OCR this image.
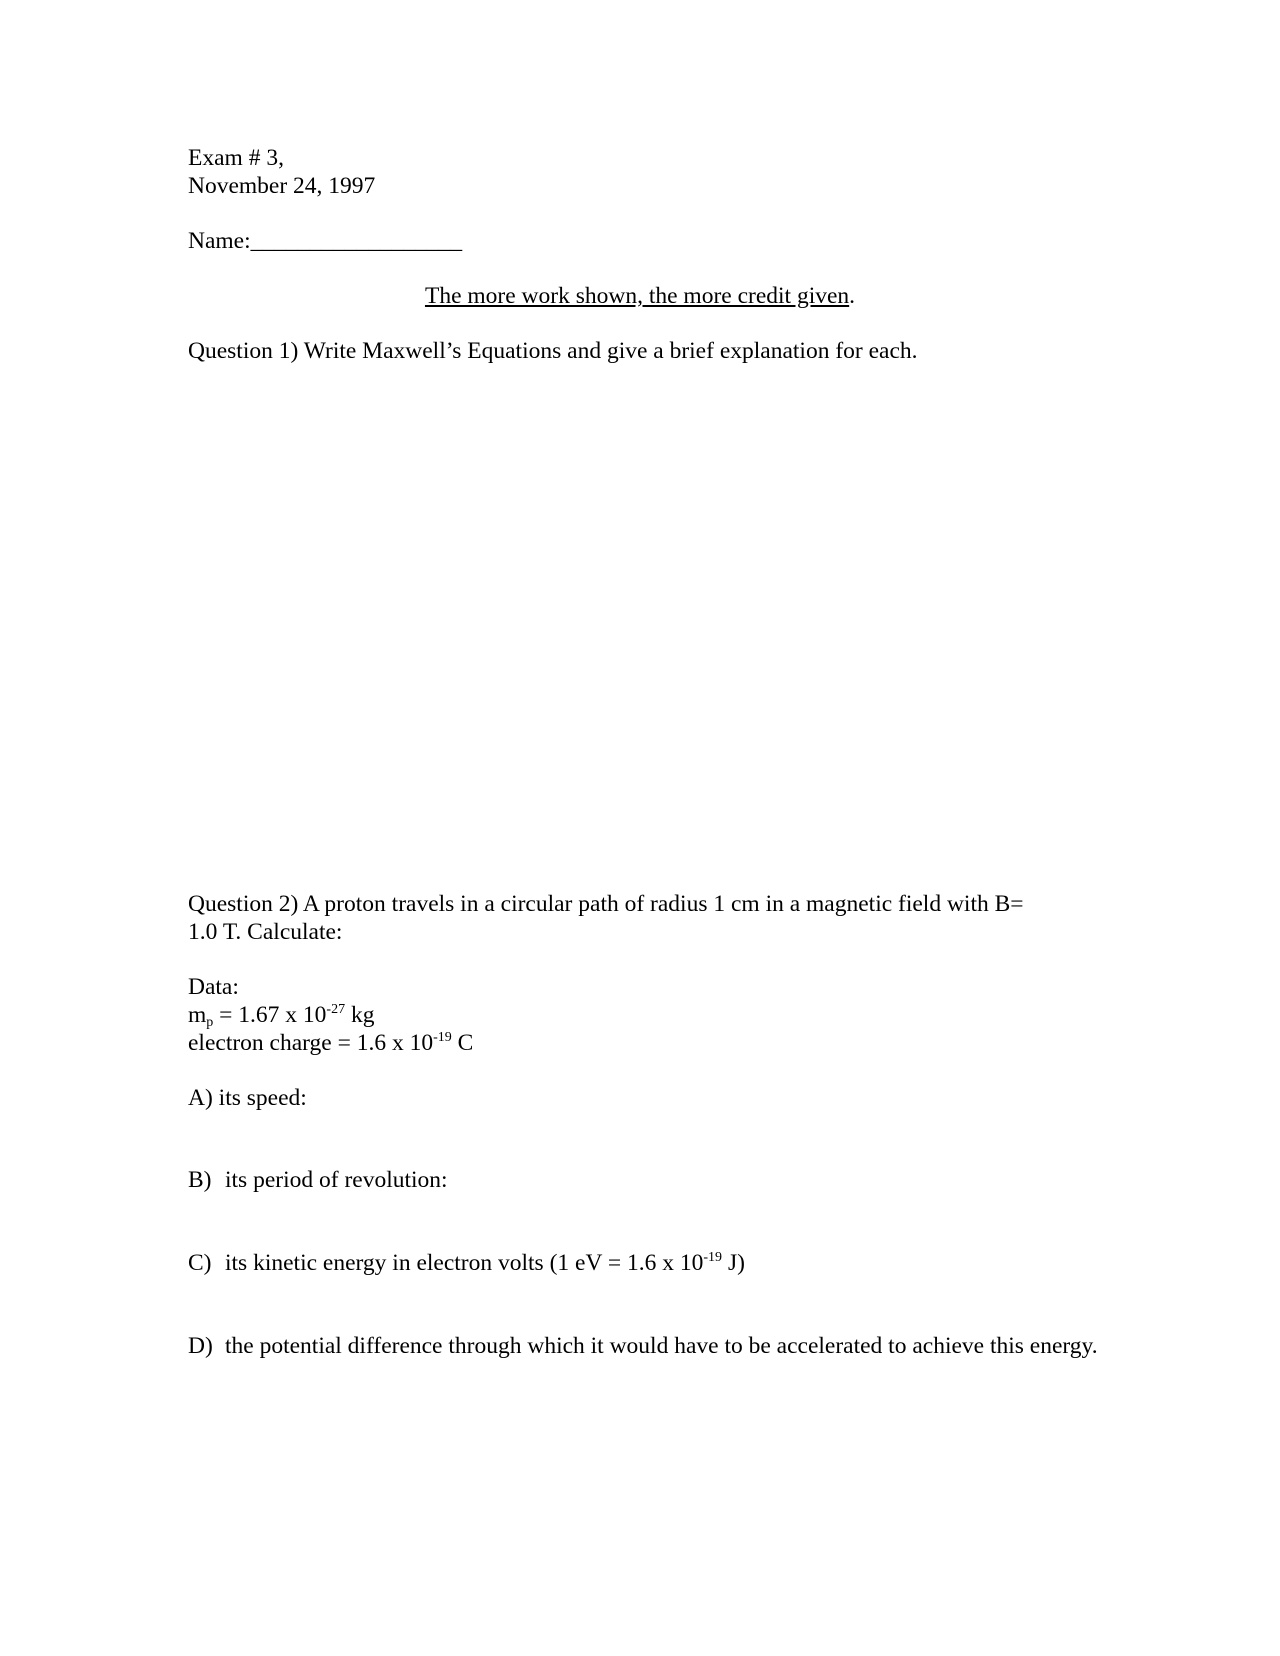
Exam # 3,
November 24, 1997
Name:__________________
The more work shown, the more credit given.
Question 1) Write Maxwell’s Equations and give a brief explanation for each.
Question 2) A proton travels in a circular path of radius 1 cm in a magnetic field with B=
1.0 T. Calculate:
Data:
$m_p = 1.67$ x $10^{-27}$ kg
electron charge = 1.6 x $10^{-19}$ C
A) its speed:
B) its period of revolution:
C) its kinetic energy in electron volts (1 eV = 1.6 x $10^{-19}$ J)
D) the potential difference through which it would have to be accelerated to achieve this energy.
